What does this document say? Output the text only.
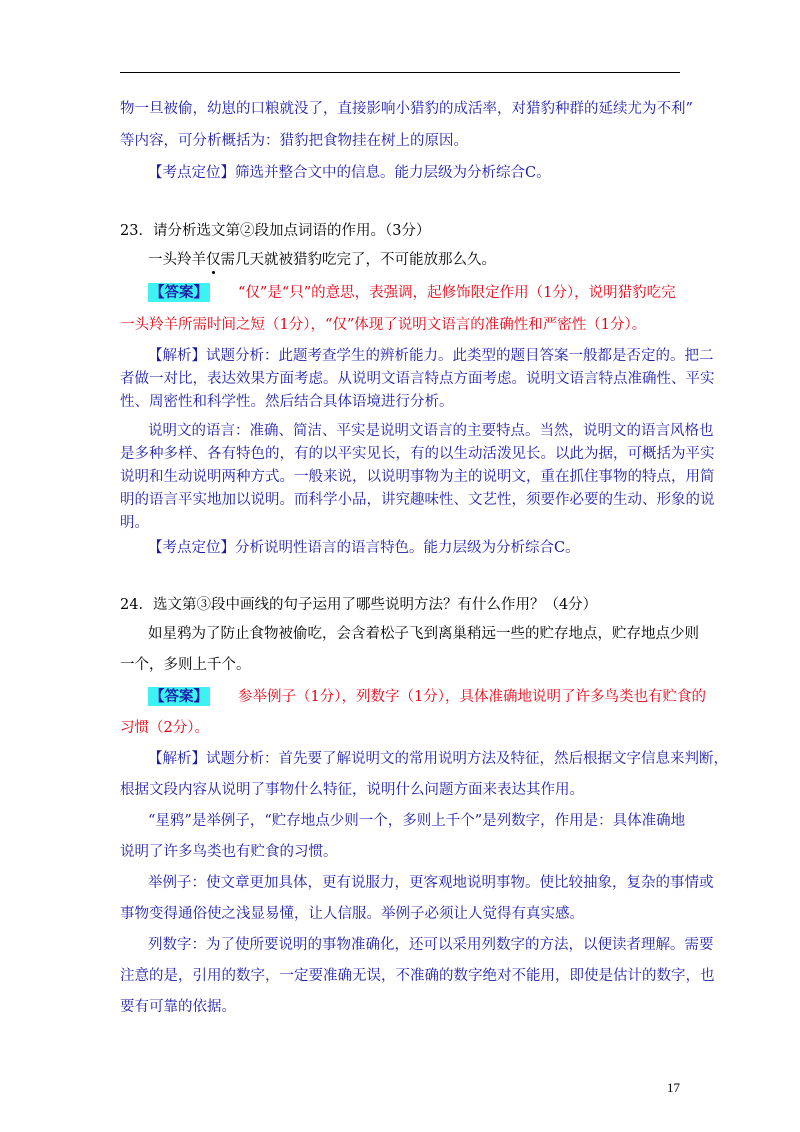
物一旦被偷，幼崽的口粮就没了，直接影响小猎豹的成活率，对猎豹种群的延续尤为不利”
等内容，可分析概括为：猎豹把食物挂在树上的原因。
【考点定位】筛选并整合文中的信息。能力层级为分析综合C。
23．请分析选文第②段加点词语的作用。（3分）
一头羚羊仅需几天就被猎豹吃完了，不可能放那么久。
【答案】 “仅”是“只”的意思，表强调，起修饰限定作用（1分），说明猎豹吃完
一头羚羊所需时间之短（1分），“仅”体现了说明文语言的准确性和严密性（1分）。
【解析】试题分析：此题考查学生的辨析能力。此类型的题目答案一般都是否定的。把二
者做一对比，表达效果方面考虑。从说明文语言特点方面考虑。说明文语言特点准确性、平实
性、周密性和科学性。然后结合具体语境进行分析。
说明文的语言：准确、简洁、平实是说明文语言的主要特点。当然，说明文的语言风格也
是多种多样、各有特色的，有的以平实见长，有的以生动活泼见长。以此为据，可概括为平实
说明和生动说明两种方式。一般来说，以说明事物为主的说明文，重在抓住事物的特点，用简
明的语言平实地加以说明。而科学小品，讲究趣味性、文艺性，须要作必要的生动、形象的说
明。
【考点定位】分析说明性语言的语言特色。能力层级为分析综合C。
24．选文第③段中画线的句子运用了哪些说明方法？有什么作用？（4分）
如星鸦为了防止食物被偷吃，会含着松子飞到离巢稍远一些的贮存地点，贮存地点少则
一个，多则上千个。
【答案】 参举例子（1分），列数字（1分），具体准确地说明了许多鸟类也有贮食的
习惯（2分）。
【解析】试题分析：首先要了解说明文的常用说明方法及特征，然后根据文字信息来判断，
根据文段内容从说明了事物什么特征，说明什么问题方面来表达其作用。
“星鸦”是举例子，“贮存地点少则一个，多则上千个”是列数字，作用是：具体准确地
说明了许多鸟类也有贮食的习惯。
举例子：使文章更加具体，更有说服力，更客观地说明事物。使比较抽象，复杂的事情或
事物变得通俗使之浅显易懂，让人信服。举例子必须让人觉得有真实感。
列数字：为了使所要说明的事物准确化，还可以采用列数字的方法，以便读者理解。需要
注意的是，引用的数字，一定要准确无误，不准确的数字绝对不能用，即使是估计的数字，也
要有可靠的依据。
17
